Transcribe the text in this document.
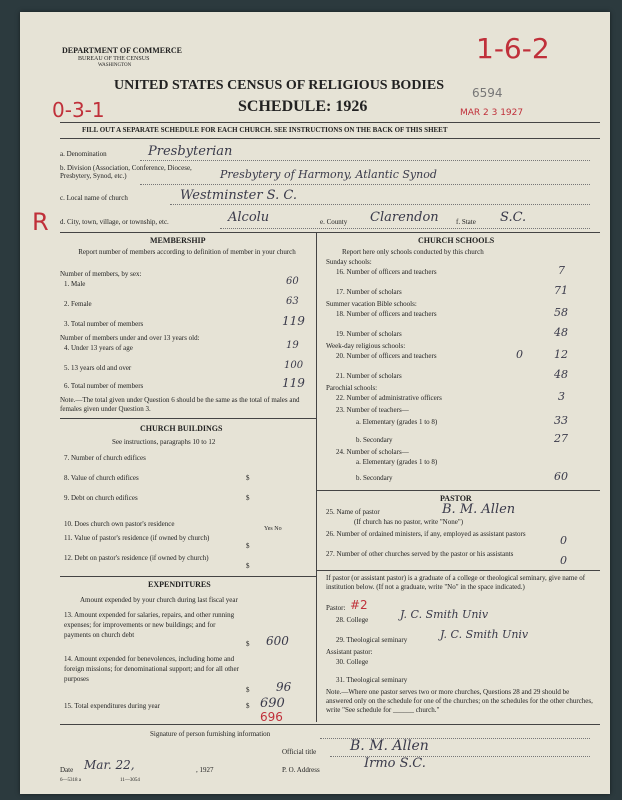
DEPARTMENT OF COMMERCE
BUREAU OF THE CENSUS
WASHINGTON
UNITED STATES CENSUS OF RELIGIOUS BODIES
SCHEDULE: 1926
6594
MAR 2 3 1927
1-6-2
0-3-1
R
FILL OUT A SEPARATE SCHEDULE FOR EACH CHURCH. SEE INSTRUCTIONS ON THE BACK OF THIS SHEET
a. Denomination	Presbyterian
b. Division (Association, Conference, Diocese, Presbytery, Synod, etc.)	Presbytery of Harmony, Atlantic Synod
c. Local name of church	Westminster S. C.
d. City, town, village, or township, etc.	Alcolu	e. County Clarendon f. State S.C.
MEMBERSHIP
Report number of members according to definition of member in your church
Number of members, by sex:
1. Male	60
2. Female	63
3. Total number of members	119
Number of members under and over 13 years old:
4. Under 13 years of age	19
5. 13 years old and over	100
6. Total number of members	119
Note.—The total given under Question 6 should be the same as the total of males and females given under Question 3.
CHURCH BUILDINGS
See instructions, paragraphs 10 to 12
7. Number of church edifices
8. Value of church edifices	$
9. Debt on church edifices	$
10. Does church own pastor's residence
Yes No
11. Value of pastor's residence (if owned by church)
$
12. Debt on pastor's residence (if owned by church)
$
EXPENDITURES
Amount expended by your church during last fiscal year
13. Amount expended for salaries, repairs, and other running expenses; for improvements or new buildings; and for payments on church debt
$ 600
14. Amount expended for benevolences, including home and foreign missions; for denominational support; and for all other purposes
$ 96
15. Total expenditures during year	$ 690
696
CHURCH SCHOOLS
Report here only schools conducted by this church
Sunday schools:
16. Number of officers and teachers	7
17. Number of scholars	71
Summer vacation Bible schools:
18. Number of officers and teachers	58
19. Number of scholars	48
Week-day religious schools:
20. Number of officers and teachers	0	12
21. Number of scholars	48
Parochial schools:
22. Number of administrative officers	3
23. Number of teachers—
a. Elementary (grades 1 to 8)	33
b. Secondary	27
24. Number of scholars—
a. Elementary (grades 1 to 8)
b. Secondary	60
PASTOR
25. Name of pastor	B. M. Allen
(If church has no pastor, write "None")
26. Number of ordained ministers, if any, employed as assistant pastors	0
27. Number of other churches served by the pastor or his assistants	0
If pastor (or assistant pastor) is a graduate of a college or theological seminary, give name of institution below. (If not a graduate, write "No" in the space indicated.)
Pastor: #2
28. College	J. C. Smith Univ
29. Theological seminary	J. C. Smith Univ
Assistant pastor:
30. College
31. Theological seminary
Note.—Where one pastor serves two or more churches, Questions 28 and 29 should be answered only on the schedule for one of the churches; on the schedules for the other churches, write "See schedule for ______ church."
Signature of person furnishing information
Official title B. M. Allen
Date Mar. 22,	, 1927	P. O. Address	Irmo S.C.
6—5318 a	11—3054
